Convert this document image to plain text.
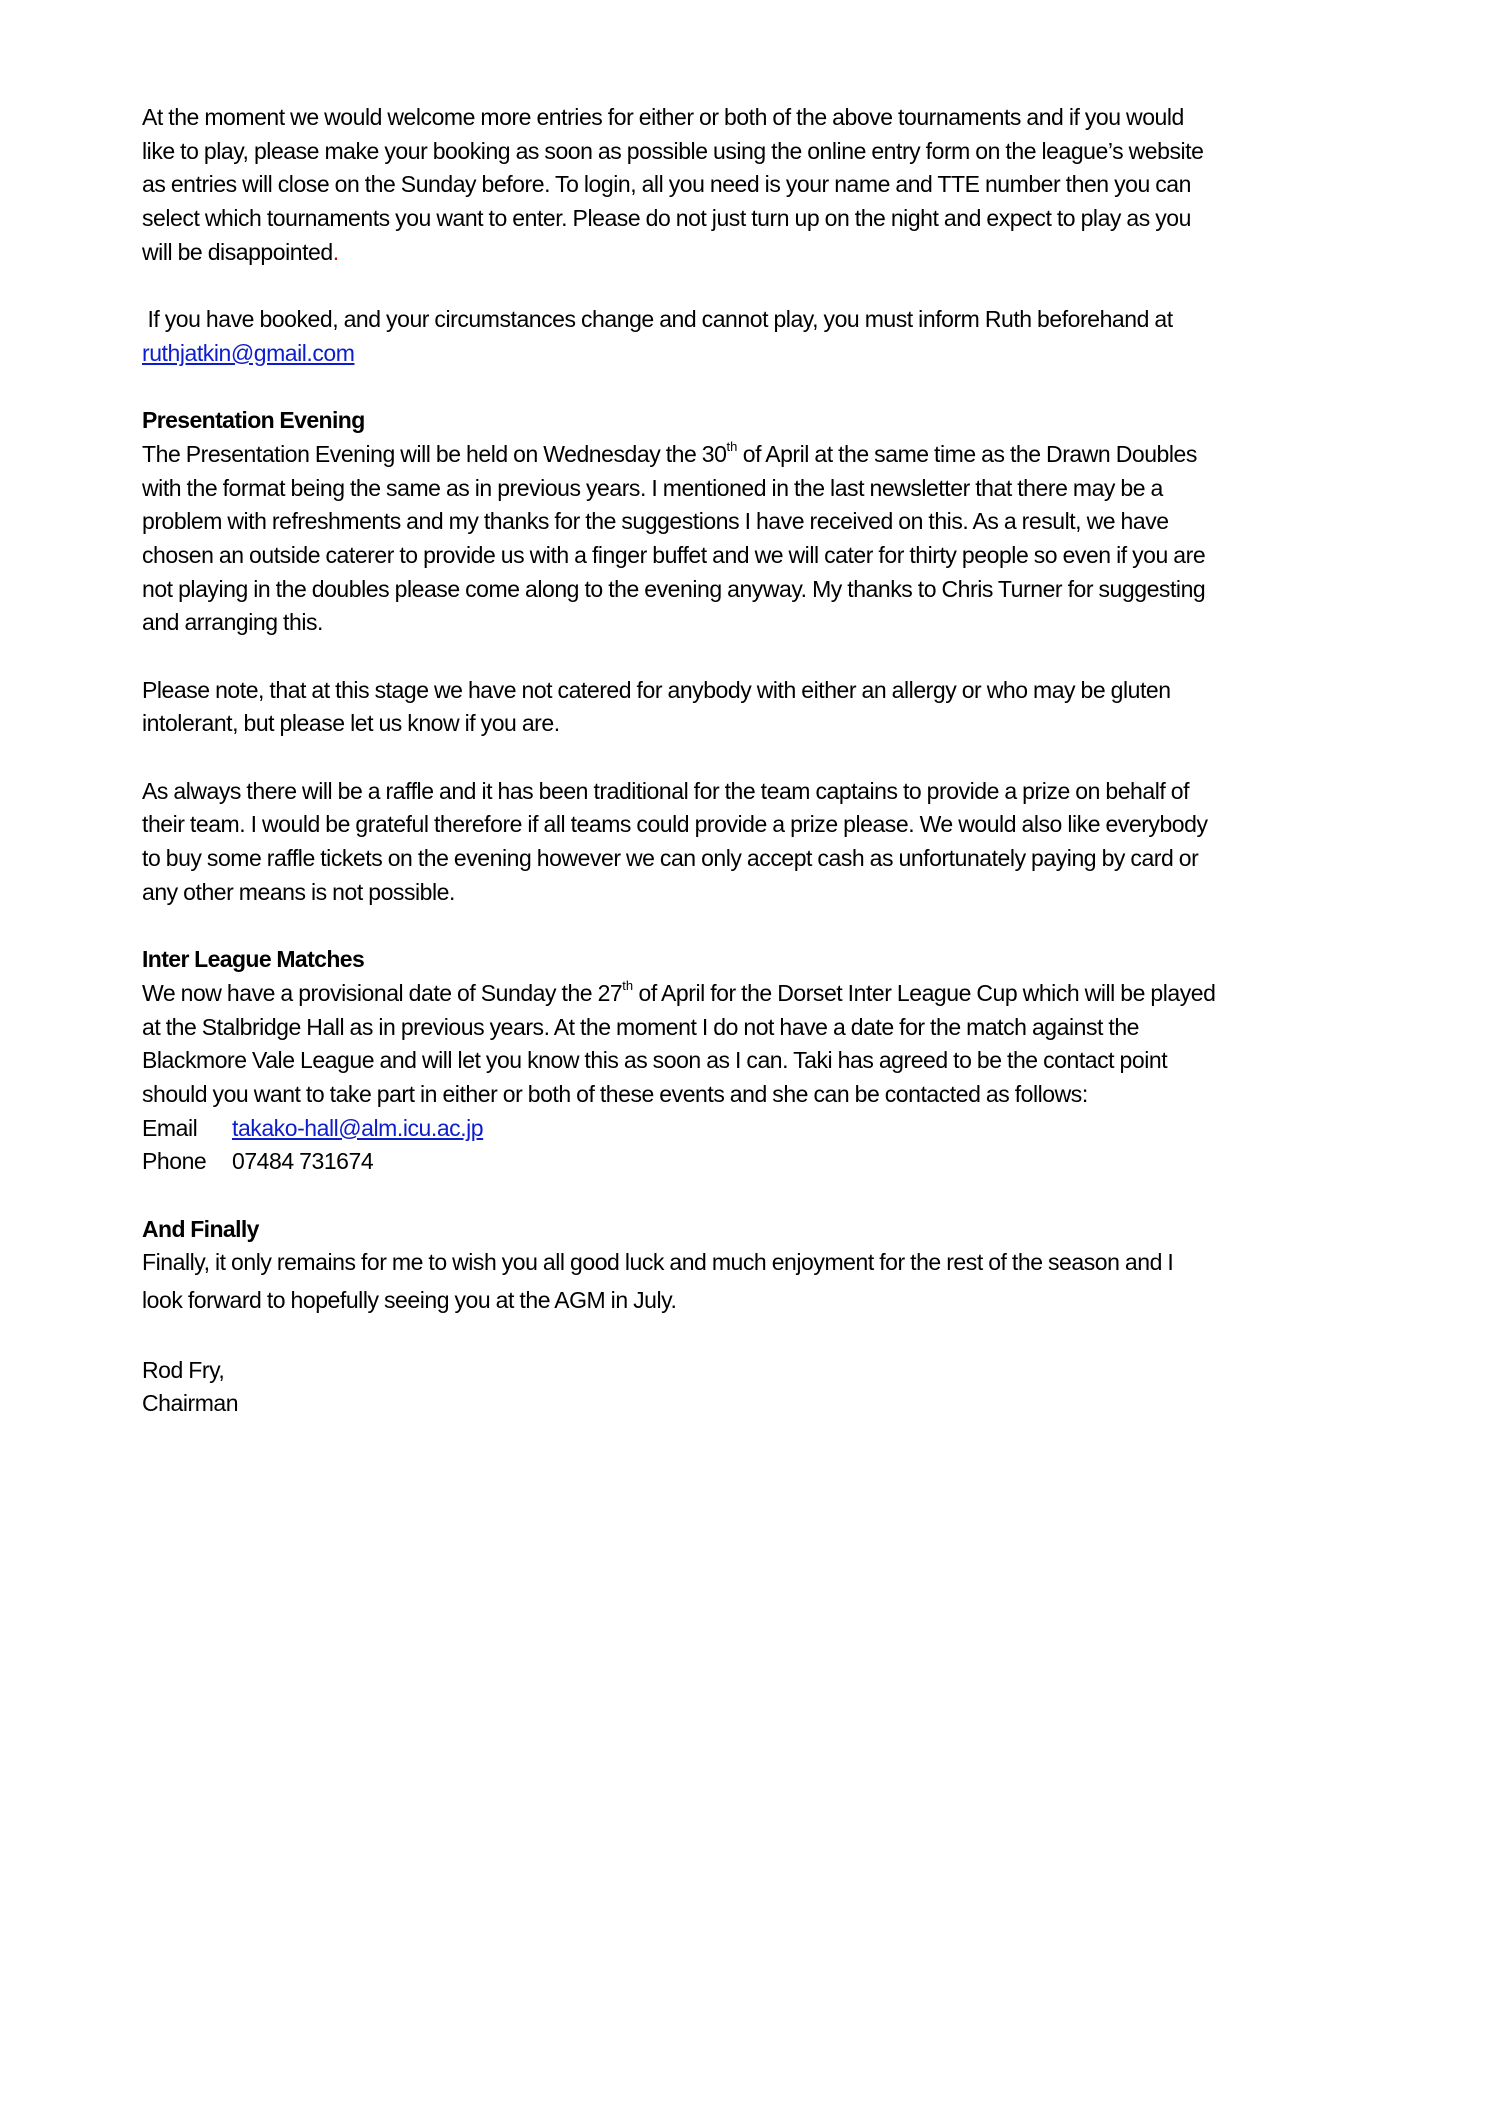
At the moment we would welcome more entries for either or both of the above tournaments and if you would
like to play, please make your booking as soon as possible using the online entry form on the league’s website
as entries will close on the Sunday before. To login, all you need is your name and TTE number then you can
select which tournaments you want to enter. Please do not just turn up on the night and expect to play as you
will be disappointed.
If you have booked, and your circumstances change and cannot play, you must inform Ruth beforehand at
ruthjatkin@gmail.com
Presentation Evening
The Presentation Evening will be held on Wednesday the 30th of April at the same time as the Drawn Doubles
with the format being the same as in previous years. I mentioned in the last newsletter that there may be a
problem with refreshments and my thanks for the suggestions I have received on this. As a result, we have
chosen an outside caterer to provide us with a finger buffet and we will cater for thirty people so even if you are
not playing in the doubles please come along to the evening anyway. My thanks to Chris Turner for suggesting
and arranging this.
Please note, that at this stage we have not catered for anybody with either an allergy or who may be gluten
intolerant, but please let us know if you are.
As always there will be a raffle and it has been traditional for the team captains to provide a prize on behalf of
their team. I would be grateful therefore if all teams could provide a prize please. We would also like everybody
to buy some raffle tickets on the evening however we can only accept cash as unfortunately paying by card or
any other means is not possible.
Inter League Matches
We now have a provisional date of Sunday the 27th of April for the Dorset Inter League Cup which will be played
at the Stalbridge Hall as in previous years. At the moment I do not have a date for the match against the
Blackmore Vale League and will let you know this as soon as I can. Taki has agreed to be the contact point
should you want to take part in either or both of these events and she can be contacted as follows:
Email takako-hall@alm.icu.ac.jp
Phone 07484 731674
And Finally
Finally, it only remains for me to wish you all good luck and much enjoyment for the rest of the season and I
look forward to hopefully seeing you at the AGM in July.
Rod Fry,
Chairman
